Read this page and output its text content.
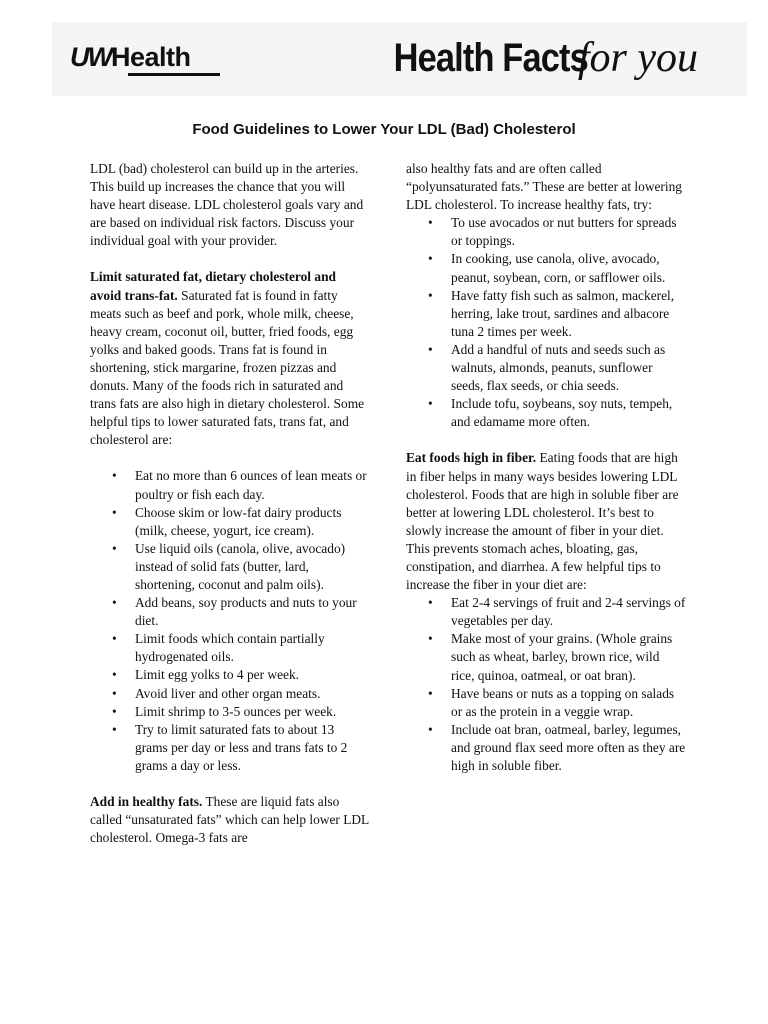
UWHealth	Health Facts for you
Food Guidelines to Lower Your LDL (Bad) Cholesterol

LDL (bad) cholesterol can build up in the arteries. This build up increases the chance that you will have heart disease. LDL cholesterol goals vary and are based on individual risk factors. Discuss your individual goal with your provider.

Limit saturated fat, dietary cholesterol and avoid trans-fat. Saturated fat is found in fatty meats such as beef and pork, whole milk, cheese, heavy cream, coconut oil, butter, fried foods, egg yolks and baked goods. Trans fat is found in shortening, stick margarine, frozen pizzas and donuts. Many of the foods rich in saturated and trans fats are also high in dietary cholesterol. Some helpful tips to lower saturated fats, trans fat, and cholesterol are:

• Eat no more than 6 ounces of lean meats or poultry or fish each day.
• Choose skim or low-fat dairy products (milk, cheese, yogurt, ice cream).
• Use liquid oils (canola, olive, avocado) instead of solid fats (butter, lard, shortening, coconut and palm oils).
• Add beans, soy products and nuts to your diet.
• Limit foods which contain partially hydrogenated oils.
• Limit egg yolks to 4 per week.
• Avoid liver and other organ meats.
• Limit shrimp to 3-5 ounces per week.
• Try to limit saturated fats to about 13 grams per day or less and trans fats to 2 grams a day or less.

Add in healthy fats. These are liquid fats also called “unsaturated fats” which can help lower LDL cholesterol. Omega-3 fats are

also healthy fats and are often called “polyunsaturated fats.” These are better at lowering LDL cholesterol. To increase healthy fats, try:

• To use avocados or nut butters for spreads or toppings.
• In cooking, use canola, olive, avocado, peanut, soybean, corn, or safflower oils.
• Have fatty fish such as salmon, mackerel, herring, lake trout, sardines and albacore tuna 2 times per week.
• Add a handful of nuts and seeds such as walnuts, almonds, peanuts, sunflower seeds, flax seeds, or chia seeds.
• Include tofu, soybeans, soy nuts, tempeh, and edamame more often.

Eat foods high in fiber. Eating foods that are high in fiber helps in many ways besides lowering LDL cholesterol. Foods that are high in soluble fiber are better at lowering LDL cholesterol. It’s best to slowly increase the amount of fiber in your diet. This prevents stomach aches, bloating, gas, constipation, and diarrhea. A few helpful tips to increase the fiber in your diet are:

• Eat 2-4 servings of fruit and 2-4 servings of vegetables per day.
• Make most of your grains. (Whole grains such as wheat, barley, brown rice, wild rice, quinoa, oatmeal, or oat bran).
• Have beans or nuts as a topping on salads or as the protein in a veggie wrap.
• Include oat bran, oatmeal, barley, legumes, and ground flax seed more often as they are high in soluble fiber.
